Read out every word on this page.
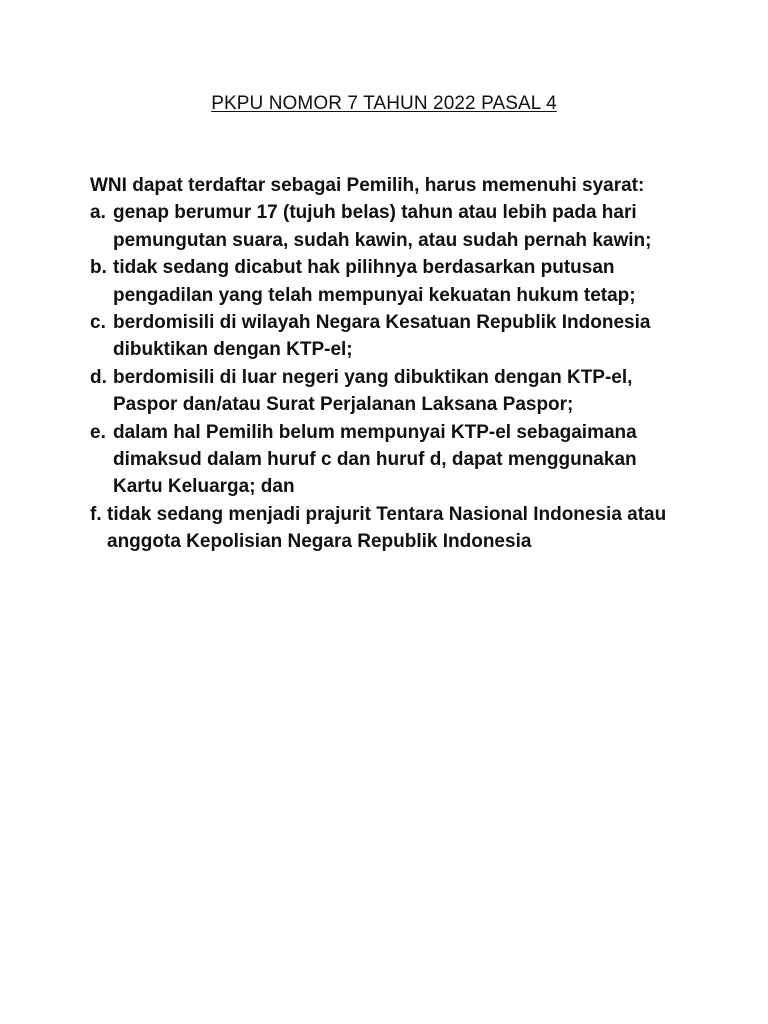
PKPU NOMOR 7 TAHUN 2022 PASAL 4

WNI dapat terdaftar sebagai Pemilih, harus memenuhi syarat:

a. genap berumur 17 (tujuh belas) tahun atau lebih pada hari pemungutan suara, sudah kawin, atau sudah pernah kawin;
b. tidak sedang dicabut hak pilihnya berdasarkan putusan pengadilan yang telah mempunyai kekuatan hukum tetap;
c. berdomisili di wilayah Negara Kesatuan Republik Indonesia dibuktikan dengan KTP-el;
d. berdomisili di luar negeri yang dibuktikan dengan KTP-el, Paspor dan/atau Surat Perjalanan Laksana Paspor;
e. dalam hal Pemilih belum mempunyai KTP-el sebagaimana dimaksud dalam huruf c dan huruf d, dapat menggunakan Kartu Keluarga; dan
f. tidak sedang menjadi prajurit Tentara Nasional Indonesia atau anggota Kepolisian Negara Republik Indonesia
